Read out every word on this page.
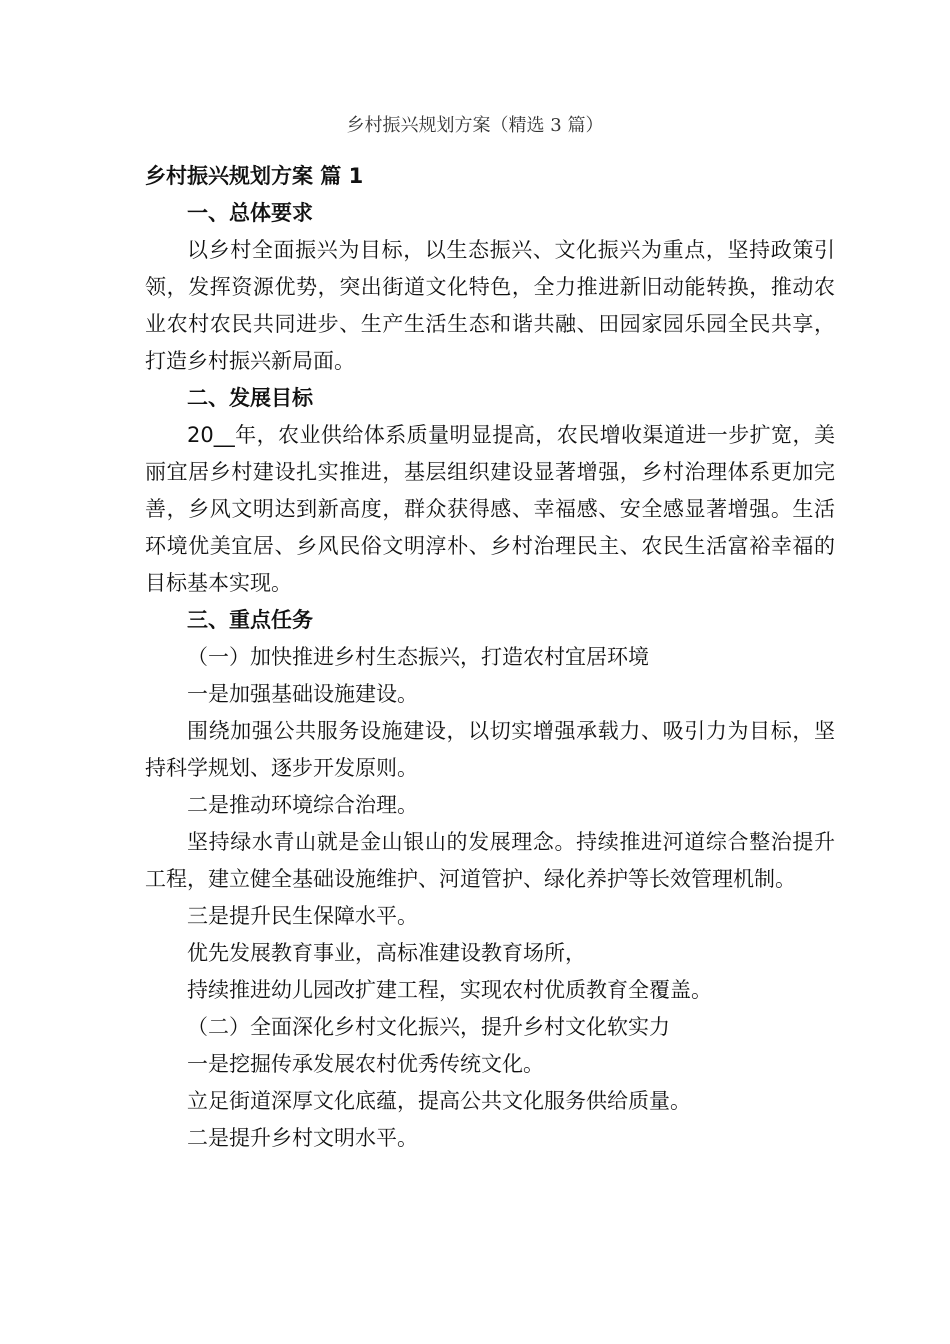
乡村振兴规划方案（精选 3 篇）

乡村振兴规划方案 篇 1

一、总体要求

以乡村全面振兴为目标，以生态振兴、文化振兴为重点，坚持政策引领，发挥资源优势，突出街道文化特色，全力推进新旧动能转换，推动农业农村农民共同进步、生产生活生态和谐共融、田园家园乐园全民共享，打造乡村振兴新局面。

二、发展目标

20__年，农业供给体系质量明显提高，农民增收渠道进一步扩宽，美丽宜居乡村建设扎实推进，基层组织建设显著增强，乡村治理体系更加完善，乡风文明达到新高度，群众获得感、幸福感、安全感显著增强。生活环境优美宜居、乡风民俗文明淳朴、乡村治理民主、农民生活富裕幸福的目标基本实现。

三、重点任务

（一）加快推进乡村生态振兴，打造农村宜居环境

一是加强基础设施建设。

围绕加强公共服务设施建设，以切实增强承载力、吸引力为目标，坚持科学规划、逐步开发原则。

二是推动环境综合治理。

坚持绿水青山就是金山银山的发展理念。持续推进河道综合整治提升工程，建立健全基础设施维护、河道管护、绿化养护等长效管理机制。

三是提升民生保障水平。

优先发展教育事业，高标准建设教育场所，

持续推进幼儿园改扩建工程，实现农村优质教育全覆盖。

（二）全面深化乡村文化振兴，提升乡村文化软实力

一是挖掘传承发展农村优秀传统文化。

立足街道深厚文化底蕴，提高公共文化服务供给质量。

二是提升乡村文明水平。
